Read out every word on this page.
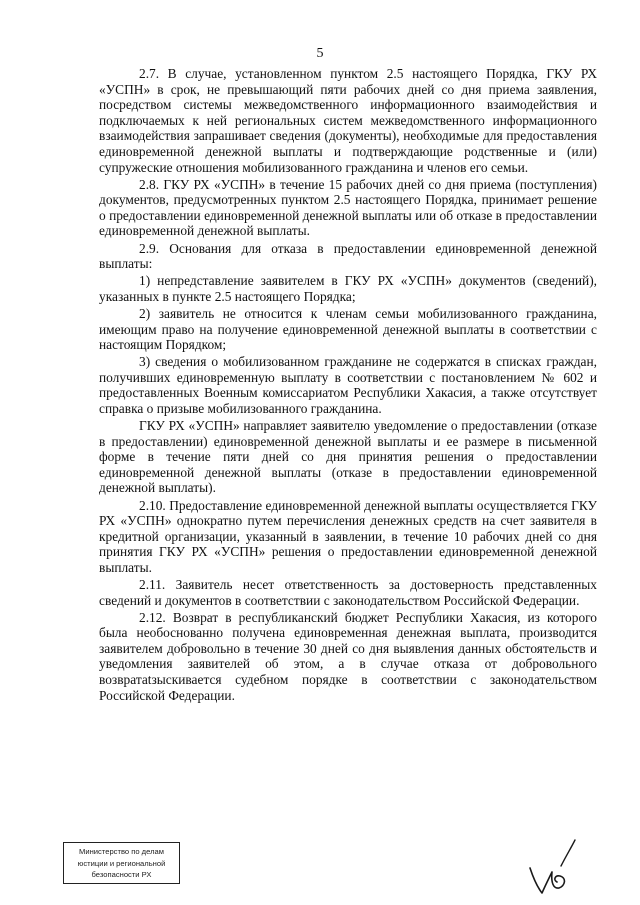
5

2.7. В случае, установленном пунктом 2.5 настоящего Порядка, ГКУ РХ «УСПН» в срок, не превышающий пяти рабочих дней со дня приема заявления, посредством системы межведомственного информационного взаимодействия и подключаемых к ней региональных систем межведомственного информационного взаимодействия запрашивает сведения (документы), необходимые для предоставления единовременной денежной выплаты и подтверждающие родственные и (или) супружеские отношения мобилизованного гражданина и членов его семьи.

2.8. ГКУ РХ «УСПН» в течение 15 рабочих дней со дня приема (поступления) документов, предусмотренных пунктом 2.5 настоящего Порядка, принимает решение о предоставлении единовременной денежной выплаты или об отказе в предоставлении единовременной денежной выплаты.

2.9. Основания для отказа в предоставлении единовременной денежной выплаты:

1) непредставление заявителем в ГКУ РХ «УСПН» документов (сведений), указанных в пункте 2.5 настоящего Порядка;

2) заявитель не относится к членам семьи мобилизованного гражданина, имеющим право на получение единовременной денежной выплаты в соответствии с настоящим Порядком;

3) сведения о мобилизованном гражданине не содержатся в списках граждан, получивших единовременную выплату в соответствии с постановлением № 602 и предоставленных Военным комиссариатом Республики Хакасия, а также отсутствует справка о призыве мобилизованного гражданина.

ГКУ РХ «УСПН» направляет заявителю уведомление о предоставлении (отказе в предоставлении) единовременной денежной выплаты и ее размере в письменной форме в течение пяти дней со дня принятия решения о предоставлении единовременной денежной выплаты (отказе в предоставлении единовременной денежной выплаты).

2.10. Предоставление единовременной денежной выплаты осуществляется ГКУ РХ «УСПН» однократно путем перечисления денежных средств на счет заявителя в кредитной организации, указанный в заявлении, в течение 10 рабочих дней со дня принятия ГКУ РХ «УСПН» решения о предоставлении единовременной денежной выплаты.

2.11. Заявитель несет ответственность за достоверность представленных сведений и документов в соответствии с законодательством Российской Федерации.

2.12. Возврат в республиканский бюджет Республики Хакасия, из которого была необоснованно получена единовременная денежная выплата, производится заявителем добровольно в течение 30 дней со дня выявления данных обстоятельств и уведомления заявителей об этом, а в случае отказа от добровольного возвратаtзыскивается судебном порядке в соответствии с законодательством Российской Федерации.

Министерство по делам
юстиции и региональной
безопасности РХ
